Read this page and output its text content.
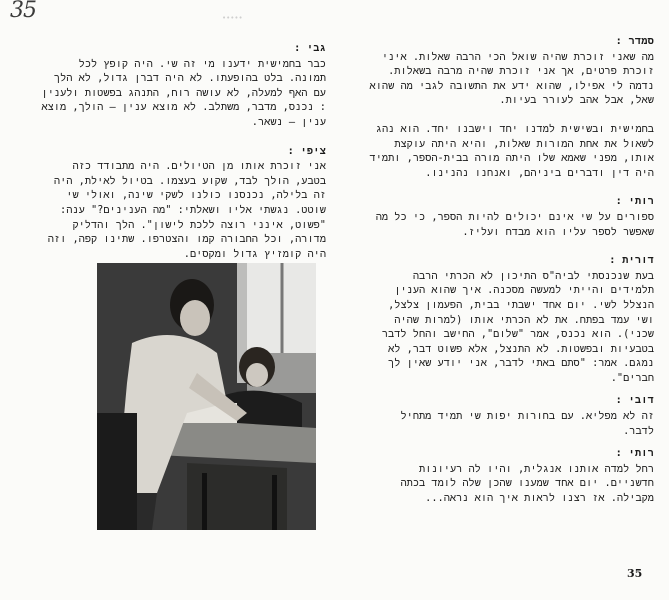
35	•••••
גבי :
כבר בחמישית ידענו מי זה שי. היה קופץ לכל תמונה. בלט בהופעתו. לא היה דברן גדול, לא הלך עם האף למעלה, לא עושה רוח, התנהג בפשטות ולענין : נכנס, מדבר, משתלב. לא מוצא ענין – הולך, מוצא ענין – נשאר.
ציפי :
אני זוכרת אותו מן הטיולים. היה מתבודד כזה בטבע, הולך לבד, שקוע בעצמו. בטיול לאילת, היה זה בלילה, נכנסנו כולנו לשקי שינה, ואולי שי שוטט. נגשתי אליו ושאלתי: "מה הענינים?" ענה: "פשוט, אינני רוצה ללכת לישון". הלך והדליק מדורה, וכל החבורה קמו והצטרפו. שתינו קפה, וזה היה קומזיץ גדול ומקסים.
סמדר :
מה שאני זוכרת שהיה שואל הכי הרבה שאלות. איני זוכרת פרטים, אך אני זוכרת שהיה מרבה בשאלות. נדמה לי אפילו, שהוא ידע את התשובה לגבי מה שהוא שאל, אבל אהב לעורר בעיות.
בחמישית ובשישית למדנו יחד וישבנו יחד. הוא נהג לשאול את אחת המורות שאלות, והיא היתה עוקצת אותו, מפני שאמא שלו היתה מורה בבית-הספר, ותמיד היה דין ודברים ביניהם, ואנחנו נהנינו.
רותי :
ספורים על שי אינם יכולים להיות הספר, כי כל מה שאפשר לספר עליו הוא מבדח ועליז.
דורית :
בעת שנכנסתי לביה"ס התיכון לא הכרתי הרבה תלמידים והייתי למעשה מסכנה. איך שהוא הענין הנצלל לשי. יום אחד ישבתי בבית, הפעמון צלצל, ושי עמד בפתח. את לא הכרתי אותו (למרות שהיה שכני). הוא נכנס, אמר "שלום", החישב והחל לדבר בטבעיות ובפשטות. לא התנצל, אלא פשוט דבר, לא נמגם. אמר: "סתם באתי לדבר, אני יודע שאין לך חברים".
דובי :
זה לא מפליא. עם בחורות יפות שי תמיד מתחיל לדבר.
רותי :
רחל למדה אותנו אנגלית, והיו לה רעיונות חדשניים. יום אחד שמענו שהכן שלה לומד בכתה מקבילה. אז רצנו לראות איך הוא נראה...
35
